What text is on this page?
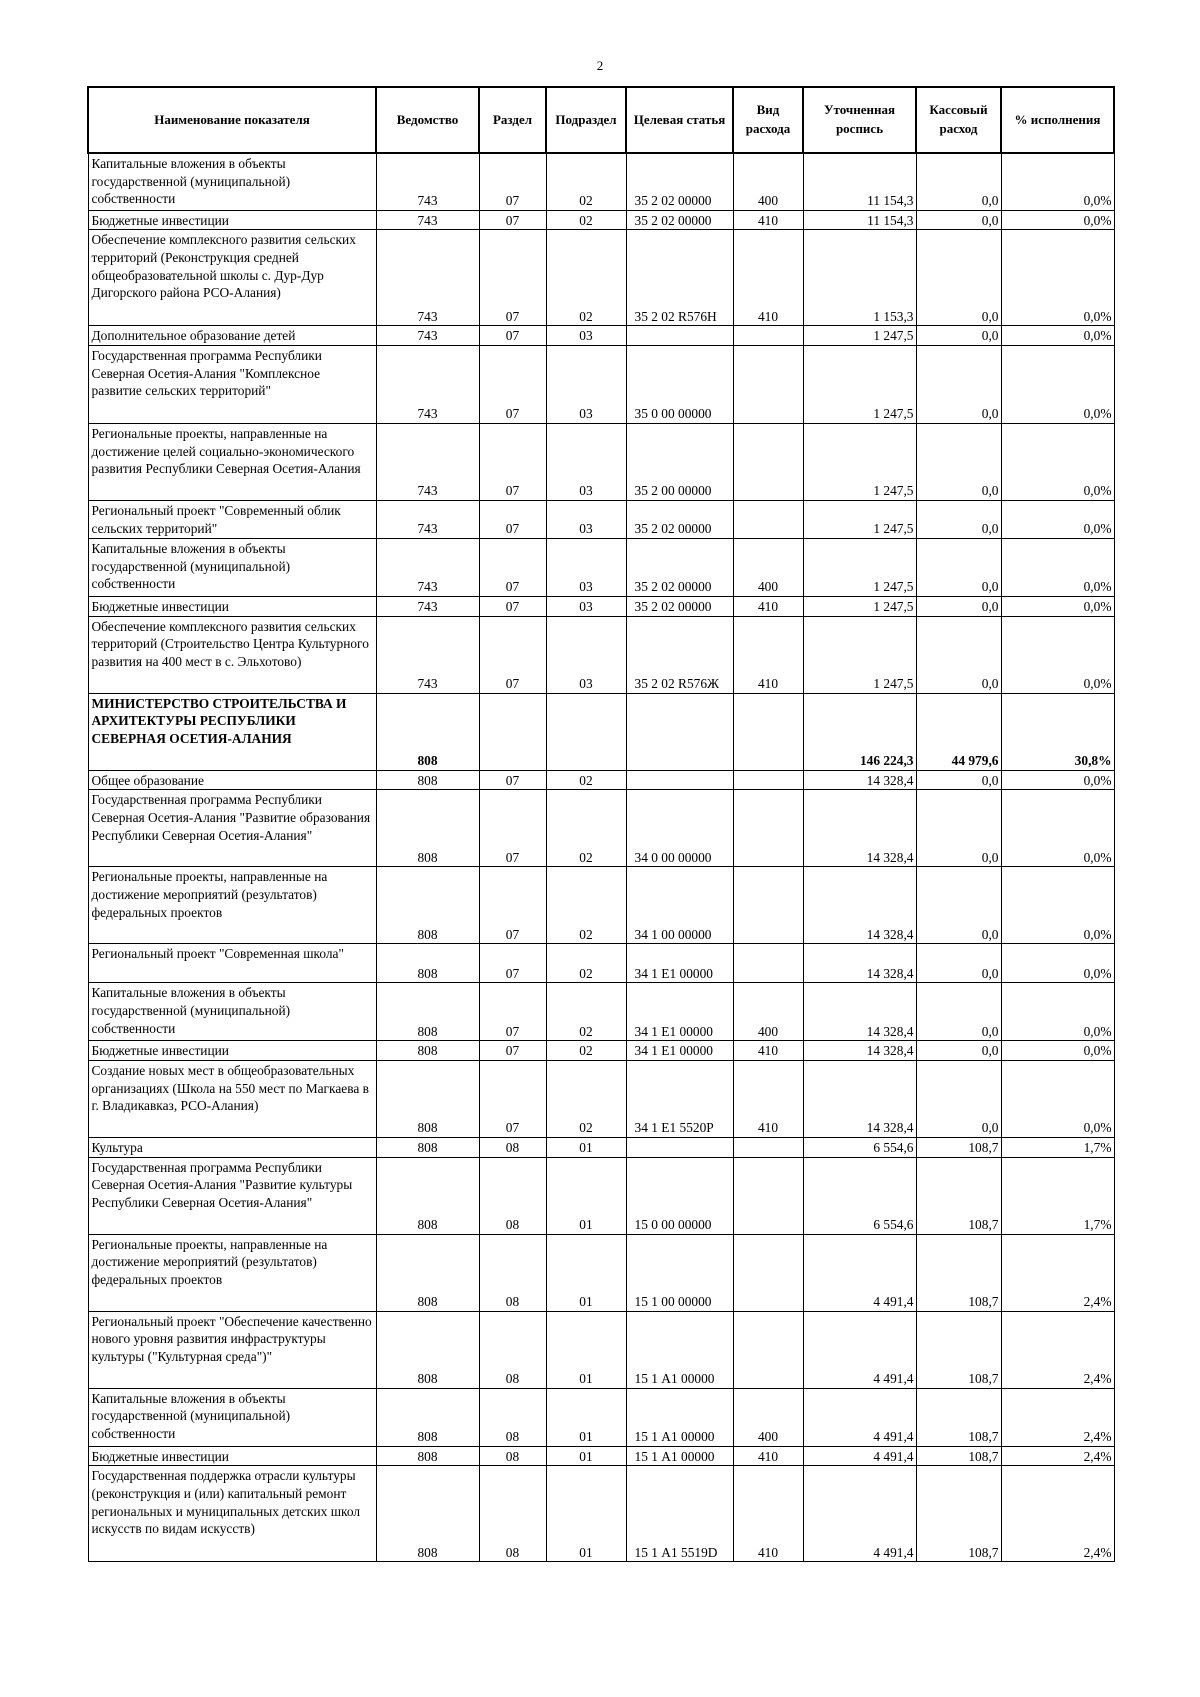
2
Наименование показателя	Ведомство	Раздел	Подраздел	Целевая статья	Вид расхода	Уточненная роспись	Кассовый расход	% исполнения
Капитальные вложения в объекты государственной (муниципальной) собственности	743	07	02	35 2 02 00000	400	11 154,3	0,0	0,0%
Бюджетные инвестиции	743	07	02	35 2 02 00000	410	11 154,3	0,0	0,0%
Обеспечение комплексного развития сельских территорий (Реконструкция средней общеобразовательной школы с. Дур-Дур Дигорского района РСО-Алания)	743	07	02	35 2 02 R576Н	410	1 153,3	0,0	0,0%
Дополнительное образование детей	743	07	03			1 247,5	0,0	0,0%
Государственная программа Республики Северная Осетия-Алания "Комплексное развитие сельских территорий"	743	07	03	35 0 00 00000		1 247,5	0,0	0,0%
Региональные проекты, направленные на достижение целей социально-экономического развития Республики Северная Осетия-Алания	743	07	03	35 2 00 00000		1 247,5	0,0	0,0%
Региональный проект "Современный облик сельских территорий"	743	07	03	35 2 02 00000		1 247,5	0,0	0,0%
Капитальные вложения в объекты государственной (муниципальной) собственности	743	07	03	35 2 02 00000	400	1 247,5	0,0	0,0%
Бюджетные инвестиции	743	07	03	35 2 02 00000	410	1 247,5	0,0	0,0%
Обеспечение комплексного развития сельских территорий (Строительство Центра Культурного развития на 400 мест в с. Эльхотово)	743	07	03	35 2 02 R576Ж	410	1 247,5	0,0	0,0%
МИНИСТЕРСТВО СТРОИТЕЛЬСТВА И АРХИТЕКТУРЫ РЕСПУБЛИКИ СЕВЕРНАЯ ОСЕТИЯ-АЛАНИЯ	808					146 224,3	44 979,6	30,8%
Общее образование	808	07	02			14 328,4	0,0	0,0%
Государственная программа Республики Северная Осетия-Алания "Развитие образования Республики Северная Осетия-Алания"	808	07	02	34 0 00 00000		14 328,4	0,0	0,0%
Региональные проекты, направленные на достижение мероприятий (результатов) федеральных проектов	808	07	02	34 1 00 00000		14 328,4	0,0	0,0%
Региональный проект "Современная школа"	808	07	02	34 1 Е1 00000		14 328,4	0,0	0,0%
Капитальные вложения в объекты государственной (муниципальной) собственности	808	07	02	34 1 Е1 00000	400	14 328,4	0,0	0,0%
Бюджетные инвестиции	808	07	02	34 1 Е1 00000	410	14 328,4	0,0	0,0%
Создание новых мест в общеобразовательных организациях (Школа на 550 мест по Магкаева в г. Владикавказ, РСО-Алания)	808	07	02	34 1 Е1 5520Р	410	14 328,4	0,0	0,0%
Культура	808	08	01			6 554,6	108,7	1,7%
Государственная программа Республики Северная Осетия-Алания "Развитие культуры Республики Северная Осетия-Алания"	808	08	01	15 0 00 00000		6 554,6	108,7	1,7%
Региональные проекты, направленные на достижение мероприятий (результатов) федеральных проектов	808	08	01	15 1 00 00000		4 491,4	108,7	2,4%
Региональный проект "Обеспечение качественно нового уровня развития инфраструктуры культуры ("Культурная среда")"	808	08	01	15 1 А1 00000		4 491,4	108,7	2,4%
Капитальные вложения в объекты государственной (муниципальной) собственности	808	08	01	15 1 А1 00000	400	4 491,4	108,7	2,4%
Бюджетные инвестиции	808	08	01	15 1 А1 00000	410	4 491,4	108,7	2,4%
Государственная поддержка отрасли культуры (реконструкция и (или) капитальный ремонт региональных и муниципальных детских школ искусств по видам искусств)	808	08	01	15 1 А1 5519D	410	4 491,4	108,7	2,4%
